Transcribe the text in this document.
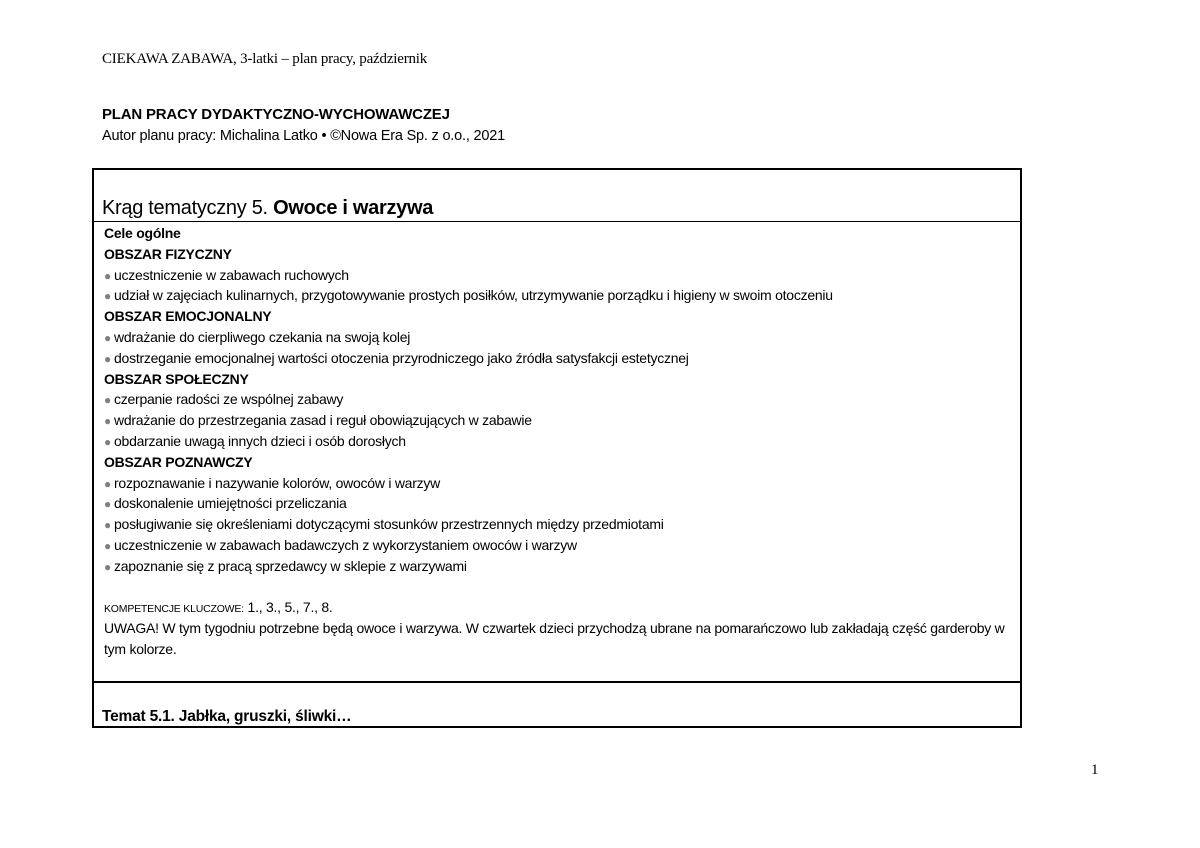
CIEKAWA ZABAWA, 3-latki – plan pracy, październik
PLAN PRACY DYDAKTYCZNO-WYCHOWAWCZEJ
Autor planu pracy: Michalina Latko • ©Nowa Era Sp. z o.o., 2021
Krąg tematyczny 5. Owoce i warzywa
Cele ogólne
OBSZAR FIZYCZNY
● uczestniczenie w zabawach ruchowych
● udział w zajęciach kulinarnych, przygotowywanie prostych posiłków, utrzymywanie porządku i higieny w swoim otoczeniu
OBSZAR EMOCJONALNY
● wdrażanie do cierpliwego czekania na swoją kolej
● dostrzeganie emocjonalnej wartości otoczenia przyrodniczego jako źródła satysfakcji estetycznej
OBSZAR SPOŁECZNY
● czerpanie radości ze wspólnej zabawy
● wdrażanie do przestrzegania zasad i reguł obowiązujących w zabawie
● obdarzanie uwagą innych dzieci i osób dorosłych
OBSZAR POZNAWCZY
● rozpoznawanie i nazywanie kolorów, owoców i warzyw
● doskonalenie umiejętności przeliczania
● posługiwanie się określeniami dotyczącymi stosunków przestrzennych między przedmiotami
● uczestniczenie w zabawach badawczych z wykorzystaniem owoców i warzyw
● zapoznanie się z pracą sprzedawcy w sklepie z warzywami
KOMPETENCJE KLUCZOWE: 1., 3., 5., 7., 8.
UWAGA! W tym tygodniu potrzebne będą owoce i warzywa. W czwartek dzieci przychodzą ubrane na pomarańczowo lub zakładają część garderoby w tym kolorze.
Temat 5.1. Jabłka, gruszki, śliwki…
1
